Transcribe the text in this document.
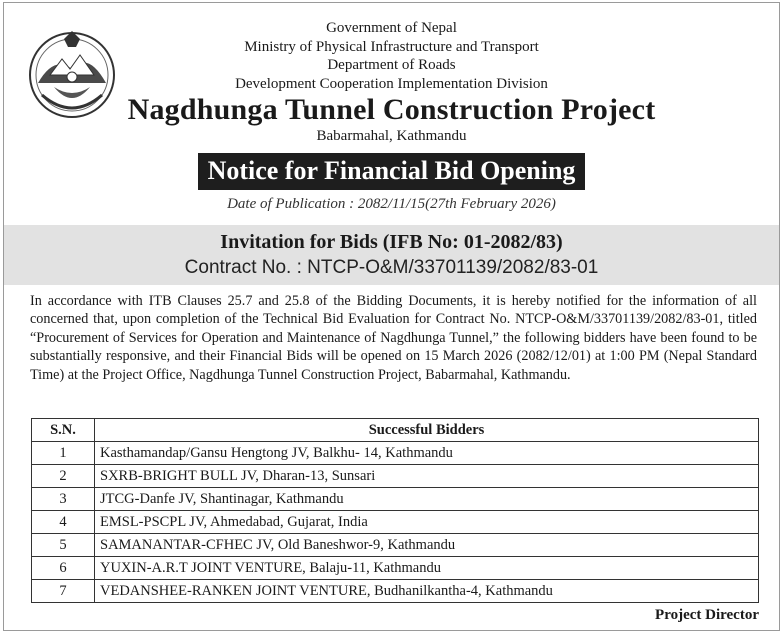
Government of Nepal
Ministry of Physical Infrastructure and Transport
Department of Roads
Development Cooperation Implementation Division
Nagdhunga Tunnel Construction Project
Babarmahal, Kathmandu
Notice for Financial Bid Opening
Date of Publication : 2082/11/15(27th February 2026)
Invitation for Bids (IFB No: 01-2082/83)
Contract No. : NTCP-O&M/33701139/2082/83-01

In accordance with ITB Clauses 25.7 and 25.8 of the Bidding Documents, it is hereby notified for the information of all concerned that, upon completion of the Technical Bid Evaluation for Contract No. NTCP-O&M/33701139/2082/83-01, titled “Procurement of Services for Operation and Maintenance of Nagdhunga Tunnel,” the following bidders have been found to be substantially responsive, and their Financial Bids will be opened on 15 March 2026 (2082/12/01) at 1:00 PM (Nepal Standard Time) at the Project Office, Nagdhunga Tunnel Construction Project, Babarmahal, Kathmandu.

S.N.	Successful Bidders
1	Kasthamandap/Gansu Hengtong JV, Balkhu- 14, Kathmandu
2	SXRB-BRIGHT BULL JV, Dharan-13, Sunsari
3	JTCG-Danfe JV, Shantinagar, Kathmandu
4	EMSL-PSCPL JV, Ahmedabad, Gujarat, India
5	SAMANANTAR-CFHEC JV, Old Baneshwor-9, Kathmandu
6	YUXIN-A.R.T JOINT VENTURE, Balaju-11, Kathmandu
7	VEDANSHEE-RANKEN JOINT VENTURE, Budhanilkantha-4, Kathmandu
Project Director
